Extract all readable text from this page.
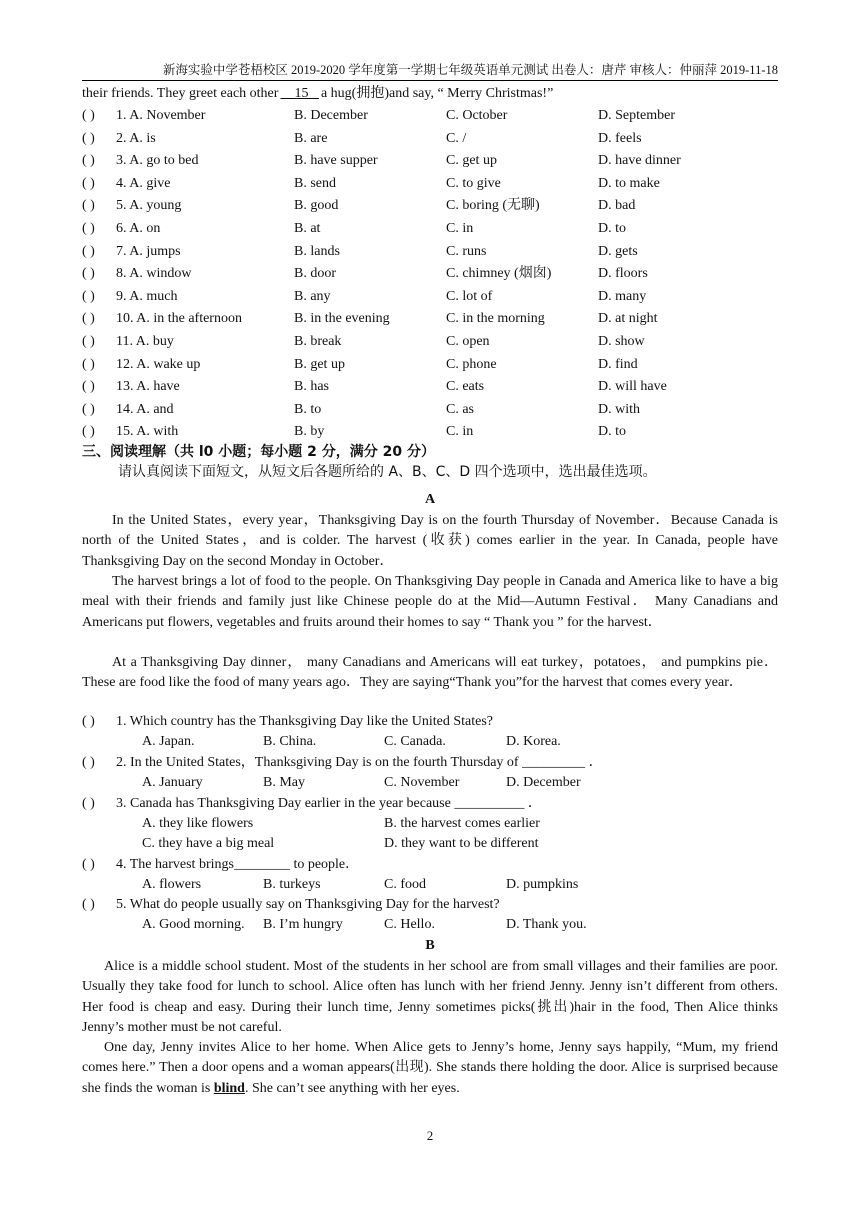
新海实验中学苍梧校区 2019-2020 学年度第一学期七年级英语单元测试 出卷人：唐芹 审核人：仲丽萍 2019-11-18
their friends. They greet each other 15 a hug(拥抱)and say, “ Merry Christmas!”
( ) 1. A. November	B. December	C. October	D. September
( ) 2. A. is	B. are	C. /	D. feels
( ) 3. A. go to bed	B. have supper	C. get up	D. have dinner
( ) 4. A. give	B. send	C. to give	D. to make
( ) 5. A. young	B. good	C. boring (无聊)	D. bad
( ) 6. A. on	B. at	C. in	D. to
( ) 7. A. jumps	B. lands	C. runs	D. gets
( ) 8. A. window	B. door	C. chimney (烟囱)	D. floors
( ) 9. A. much	B. any	C. lot of	D. many
( ) 10. A. in the afternoon	B. in the evening	C. in the morning	D. at night
( ) 11. A. buy	B. break	C. open	D. show
( ) 12. A. wake up	B. get up	C. phone	D. find
( ) 13. A. have	B. has	C. eats	D. will have
( ) 14. A. and	B. to	C. as	D. with
( ) 15. A. with	B. by	C. in	D. to
三、阅读理解（共 l0 小题；每小题 2 分，满分 20 分）
请认真阅读下面短文，从短文后各题所给的 A、B、C、D 四个选项中，选出最佳选项。
A

In the United States，every year，Thanksgiving Day is on the fourth Thursday of November．Because Canada is north of the United States，and is colder. The harvest (收获) comes earlier in the year. In Canada, people have Thanksgiving Day on the second Monday in October．

The harvest brings a lot of food to the people. On Thanksgiving Day people in Canada and America like to have a big meal with their friends and family just like Chinese people do at the Mid—Autumn Festival． Many Canadians and Americans put flowers, vegetables and fruits around their homes to say “ Thank you ” for the harvest．

At a Thanksgiving Day dinner， many Canadians and Americans will eat turkey，potatoes， and pumpkins pie．These are food like the food of many years ago．They are saying“Thank you”for the harvest that comes every year．

( ) 1. Which country has the Thanksgiving Day like the United States?
A. Japan.	B. China.	C. Canada.	D. Korea.
( ) 2. In the United States，Thanksgiving Day is on the fourth Thursday of _________ ．
A. January	B. May	C. November	D. December
( ) 3. Canada has Thanksgiving Day earlier in the year because __________ ．
A. they like flowers	B. the harvest comes earlier
C. they have a big meal	D. they want to be different
( ) 4. The harvest brings________ to people．
A. flowers	B. turkeys	C. food	D. pumpkins
( ) 5. What do people usually say on Thanksgiving Day for the harvest?
A. Good morning. B. I’m hungry	C. Hello.	D. Thank you.
B

Alice is a middle school student. Most of the students in her school are from small villages and their families are poor. Usually they take food for lunch to school. Alice often has lunch with her friend Jenny. Jenny isn’t different from others. Her food is cheap and easy. During their lunch time, Jenny sometimes picks(挑出)hair in the food, Then Alice thinks Jenny’s mother must be not careful.

One day, Jenny invites Alice to her home. When Alice gets to Jenny’s home, Jenny says happily, “Mum, my friend comes here.” Then a door opens and a woman appears(出现). She stands there holding the door. Alice is surprised because she finds the woman is blind. She can’t see anything with her eyes.

2
